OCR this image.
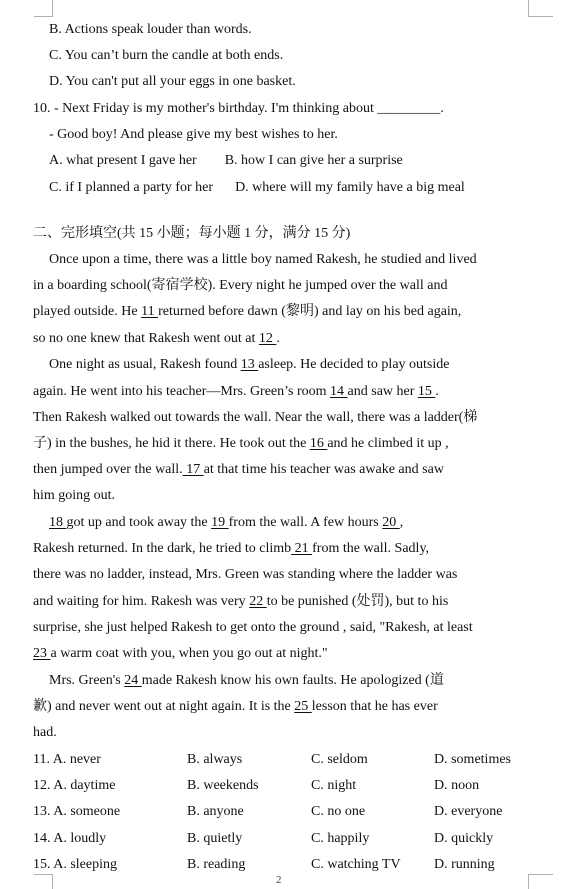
B. Actions speak louder than words.
C. You can’t burn the candle at both ends.
D. You can't put all your eggs in one basket.
10. - Next Friday is my mother's birthday. I'm thinking about _________.
- Good boy! And please give my best wishes to her.
A. what present I gave her B. how I can give her a surprise
C. if I planned a party for her D. where will my family have a big meal
二、完形填空(共 15 小题；每小题 1 分，满分 15 分)
Once upon a time, there was a little boy named Rakesh, he studied and lived
in a boarding school(寄宿学校). Every night he jumped over the wall and
played outside. He 11 returned before dawn (黎明) and lay on his bed again,
so no one knew that Rakesh went out at 12 .
One night as usual, Rakesh found 13 asleep. He decided to play outside
again. He went into his teacher—Mrs. Green’s room 14 and saw her 15 .
Then Rakesh walked out towards the wall. Near the wall, there was a ladder(梯
子) in the bushes, he hid it there. He took out the 16 and he climbed it up ,
then jumped over the wall. 17 at that time his teacher was awake and saw
him going out.
18 got up and took away the 19 from the wall. A few hours 20 ,
Rakesh returned. In the dark, he tried to climb 21 from the wall. Sadly,
there was no ladder, instead, Mrs. Green was standing where the ladder was
and waiting for him. Rakesh was very 22 to be punished (处罚), but to his
surprise, she just helped Rakesh to get onto the ground , said, "Rakesh, at least
23 a warm coat with you, when you go out at night."
Mrs. Green's 24 made Rakesh know his own faults. He apologized (道
歉) and never went out at night again. It is the 25 lesson that he has ever
had.
11. A. never	B. always	C. seldom	D. sometimes
12. A. daytime	B. weekends	C. night	D. noon
13. A. someone	B. anyone	C. no one	D. everyone
14. A. loudly	B. quietly	C. happily	D. quickly
15. A. sleeping	B. reading	C. watching TV D. running
2
